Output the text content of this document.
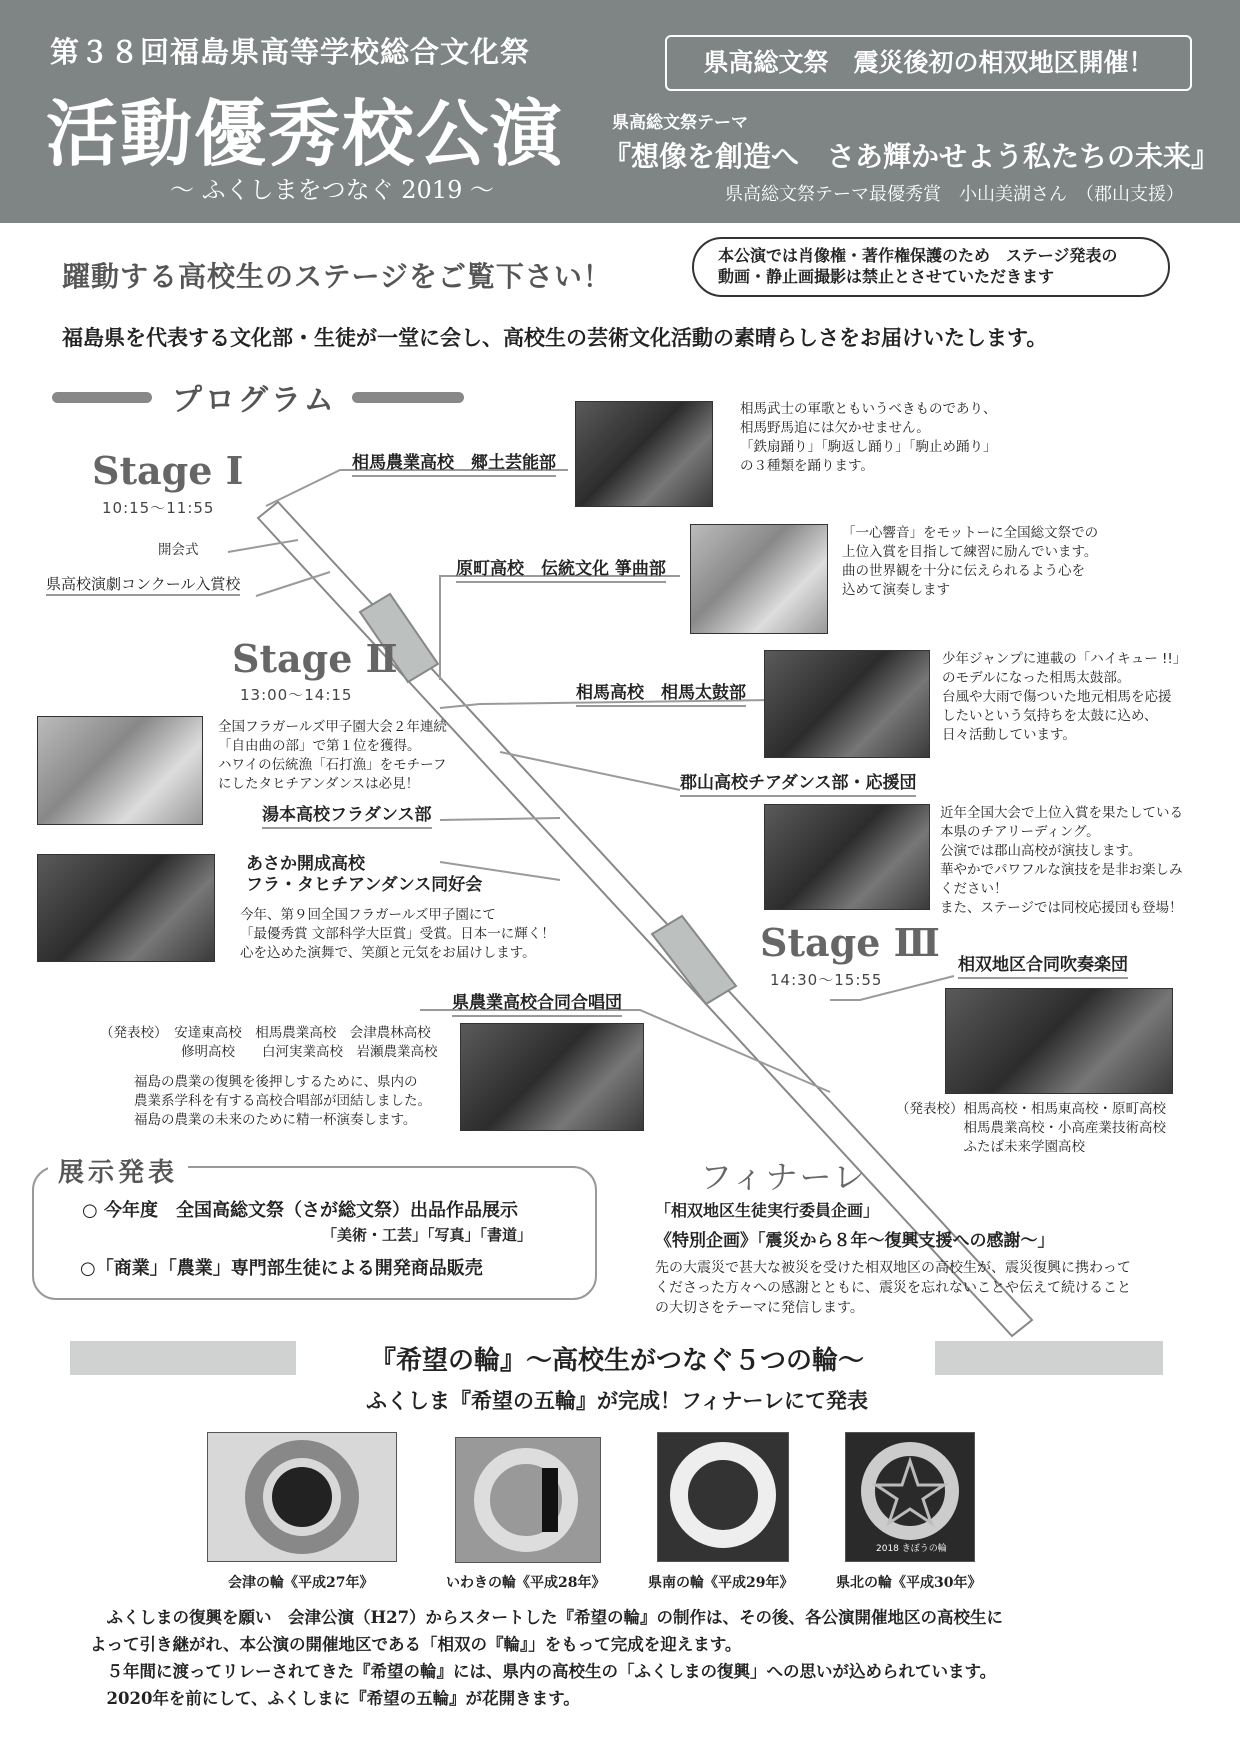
第３８回福島県高等学校総合文化祭
活動優秀校公演
～ ふくしまをつなぐ 2019 ～
県高総文祭　震災後初の相双地区開催！
県高総文祭テーマ
『想像を創造へ　さあ輝かせよう私たちの未来』
県高総文祭テーマ最優秀賞　小山美湖さん　（郡山支援）
躍動する高校生のステージをご覧下さい！
本公演では肖像権・著作権保護のため　ステージ発表の
動画・静止画撮影は禁止とさせていただきます
福島県を代表する文化部・生徒が一堂に会し、高校生の芸術文化活動の素晴らしさをお届けいたします。
プログラム
Stage Ⅰ
10:15～11:55
Stage Ⅱ
13:00～14:15
Stage Ⅲ
14:30～15:55
開会式
県高校演劇コンクール入賞校
相馬農業高校　郷土芸能部
相馬武士の軍歌ともいうべきものであり、
相馬野馬追には欠かせません。
「鉄扇踊り」「駒返し踊り」「駒止め踊り」
の３種類を踊ります。
原町高校　伝統文化 箏曲部
「一心響音」をモットーに全国総文祭での
上位入賞を目指して練習に励んでいます。
曲の世界観を十分に伝えられるよう心を
込めて演奏します
相馬高校　相馬太鼓部
少年ジャンプに連載の「ハイキュー !!」
のモデルになった相馬太鼓部。
台風や大雨で傷ついた地元相馬を応援
したいという気持ちを太鼓に込め、
日々活動しています。
全国フラガールズ甲子園大会２年連続
「自由曲の部」で第１位を獲得。
ハワイの伝統漁「石打漁」をモチーフ
にしたタヒチアンダンスは必見！
湯本高校フラダンス部
郡山高校チアダンス部・応援団
近年全国大会で上位入賞を果たしている
本県のチアリーディング。
公演では郡山高校が演技します。
華やかでパワフルな演技を是非お楽しみ
ください！
また、ステージでは同校応援団も登場！
あさか開成高校
フラ・タヒチアンダンス同好会
今年、第９回全国フラガールズ甲子園にて
「最優秀賞 文部科学大臣賞」受賞。日本一に輝く！
心を込めた演舞で、笑顔と元気をお届けします。
県農業高校合同合唱団
（発表校）　安達東高校　相馬農業高校　会津農林高校
　　　　　　修明高校　　白河実業高校　岩瀬農業高校
福島の農業の復興を後押しするために、県内の
農業系学科を有する高校合唱部が団結しました。
福島の農業の未来のために精一杯演奏します。
相双地区合同吹奏楽団
（発表校）相馬高校・相馬東高校・原町高校
　　　　　相馬農業高校・小高産業技術高校
　　　　　ふたば未来学園高校
展示発表
○ 今年度　全国高総文祭（さが総文祭）出品作品展示
「美術・工芸」「写真」「書道」
○「商業」「農業」専門部生徒による開発商品販売
フィナーレ
「相双地区生徒実行委員企画」
《特別企画》「震災から８年～復興支援への感謝～」
先の大震災で甚大な被災を受けた相双地区の高校生が、震災復興に携わって
くださった方々への感謝とともに、震災を忘れないことや伝えて続けること
の大切さをテーマに発信します。
『希望の輪』～高校生がつなぐ５つの輪～
ふくしま『希望の五輪』が完成！フィナーレにて発表
2018 きぼうの輪
会津の輪《平成27年》	いわきの輪《平成28年》	県南の輪《平成29年》	県北の輪《平成30年》
　ふくしまの復興を願い　会津公演（H27）からスタートした『希望の輪』の制作は、その後、各公演開催地区の高校生に
よって引き継がれ、本公演の開催地区である「相双の『輪』」をもって完成を迎えます。
　５年間に渡ってリレーされてきた『希望の輪』には、県内の高校生の「ふくしまの復興」への思いが込められています。
　2020年を前にして、ふくしまに『希望の五輪』が花開きます。
